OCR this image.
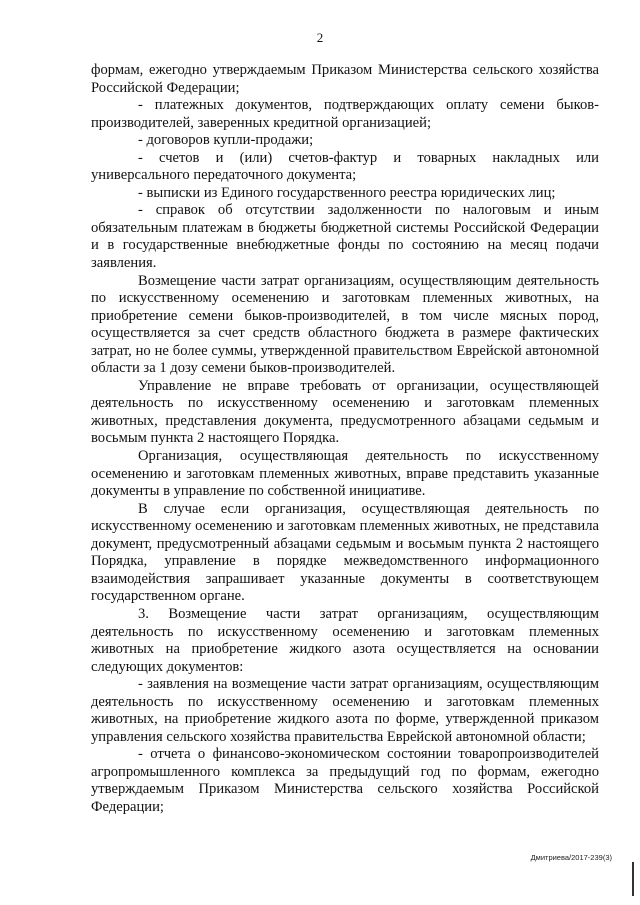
2

формам, ежегодно утверждаемым Приказом Министерства сельского хозяйства Российской Федерации;

- платежных документов, подтверждающих оплату семени быков-производителей, заверенных кредитной организацией;

- договоров купли-продажи;

- счетов и (или) счетов-фактур и товарных накладных или универсального передаточного документа;

- выписки из Единого государственного реестра юридических лиц;

- справок об отсутствии задолженности по налоговым и иным обязательным платежам в бюджеты бюджетной системы Российской Федерации и в государственные внебюджетные фонды по состоянию на месяц подачи заявления.

Возмещение части затрат организациям, осуществляющим деятельность по искусственному осеменению и заготовкам племенных животных, на приобретение семени быков-производителей, в том числе мясных пород, осуществляется за счет средств областного бюджета в размере фактических затрат, но не более суммы, утвержденной правительством Еврейской автономной области за 1 дозу семени быков-производителей.

Управление не вправе требовать от организации, осуществляющей деятельность по искусственному осеменению и заготовкам племенных животных, представления документа, предусмотренного абзацами седьмым и восьмым пункта 2 настоящего Порядка.

Организация, осуществляющая деятельность по искусственному осеменению и заготовкам племенных животных, вправе представить указанные документы в управление по собственной инициативе.

В случае если организация, осуществляющая деятельность по искусственному осеменению и заготовкам племенных животных, не представила документ, предусмотренный абзацами седьмым и восьмым пункта 2 настоящего Порядка, управление в порядке межведомственного информационного взаимодействия запрашивает указанные документы в соответствующем государственном органе.

3. Возмещение части затрат организациям, осуществляющим деятельность по искусственному осеменению и заготовкам племенных животных на приобретение жидкого азота осуществляется на основании следующих документов:

- заявления на возмещение части затрат организациям, осуществляющим деятельность по искусственному осеменению и заготовкам племенных животных, на приобретение жидкого азота по форме, утвержденной приказом управления сельского хозяйства правительства Еврейской автономной области;

- отчета о финансово-экономическом состоянии товаропроизводителей агропромышленного комплекса за предыдущий год по формам, ежегодно утверждаемым Приказом Министерства сельского хозяйства Российской Федерации;

Дмитриева/2017-239(3)
